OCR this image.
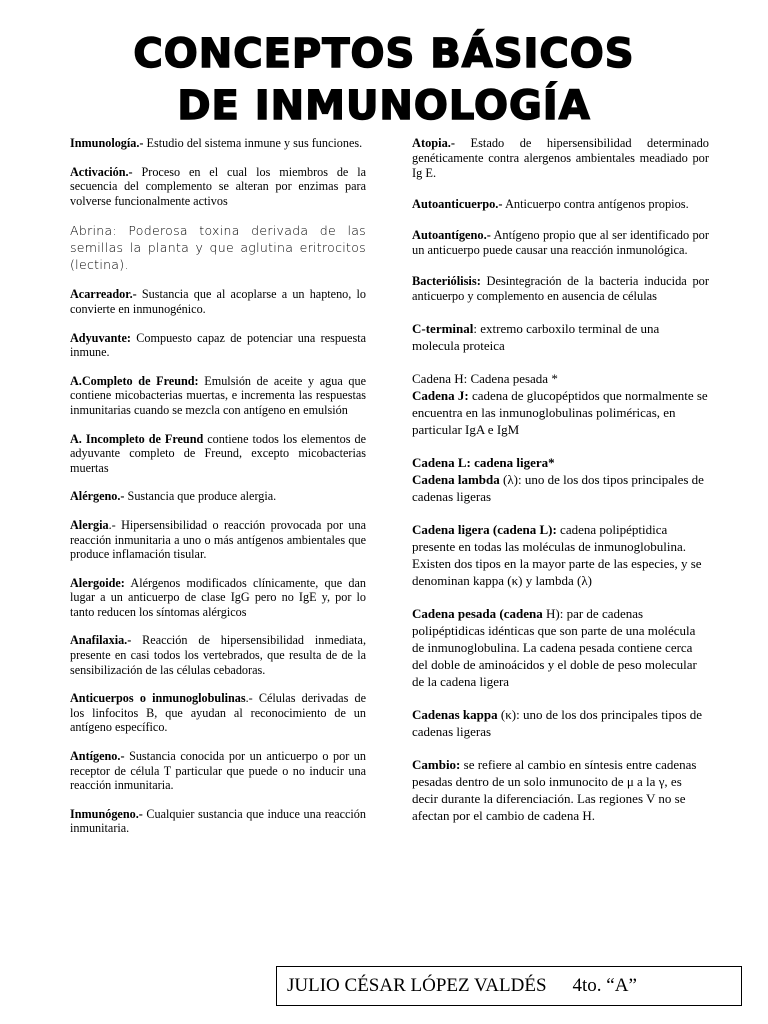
CONCEPTOS BÁSICOS
DE INMUNOLOGÍA

Inmunología.- Estudio del sistema inmune y sus funciones.

Activación.- Proceso en el cual los miembros de la secuencia del complemento se alteran por enzimas para volverse funcionalmente activos

Abrina: Poderosa toxina derivada de las semillas la planta y que aglutina eritrocitos (lectina).

Acarreador.- Sustancia que al acoplarse a un hapteno, lo convierte en inmunogénico.

Adyuvante: Compuesto capaz de potenciar una respuesta inmune.

A.Completo de Freund: Emulsión de aceite y agua que contiene micobacterias muertas, e incrementa las respuestas inmunitarias cuando se mezcla con antígeno en emulsión

A. Incompleto de Freund contiene todos los elementos de adyuvante completo de Freund, excepto micobacterias muertas

Alérgeno.- Sustancia que produce alergia.

Alergia.- Hipersensibilidad o reacción provocada por una reacción inmunitaria a uno o más antígenos ambientales que produce inflamación tisular.

Alergoide: Alérgenos modificados clínicamente, que dan lugar a un anticuerpo de clase IgG pero no IgE y, por lo tanto reducen los síntomas alérgicos

Anafilaxia.- Reacción de hipersensibilidad inmediata, presente en casi todos los vertebrados, que resulta de de la sensibilización de las células cebadoras.

Anticuerpos o inmunoglobulinas.- Células derivadas de los linfocitos B, que ayudan al reconocimiento de un antígeno específico.

Antígeno.- Sustancia conocida por un anticuerpo o por un receptor de célula T particular que puede o no inducir una reacción inmunitaria.

Inmunógeno.- Cualquier sustancia que induce una reacción inmunitaria.

Atopia.- Estado de hipersensibilidad determinado genéticamente contra alergenos ambientales meadiado por Ig E.

Autoanticuerpo.- Anticuerpo contra antígenos propios.

Autoantígeno.- Antígeno propio que al ser identificado por un anticuerpo puede causar una reacción inmunológica.

Bacteriólisis: Desintegración de la bacteria inducida por anticuerpo y complemento en ausencia de células

C-terminal: extremo carboxilo terminal de una molecula proteica

Cadena H: Cadena pesada *

Cadena J: cadena de glucopéptidos que normalmente se encuentra en las inmunoglobulinas poliméricas, en particular IgA e IgM

Cadena L: cadena ligera*

Cadena lambda (λ): uno de los dos tipos principales de cadenas ligeras

Cadena ligera (cadena L): cadena polipéptidica presente en todas las moléculas de inmunoglobulina. Existen dos tipos en la mayor parte de las especies, y se denominan kappa (κ) y lambda (λ)

Cadena pesada (cadena H): par de cadenas polipéptidicas idénticas que son parte de una molécula de inmunoglobulina. La cadena pesada contiene cerca del doble de aminoácidos y el doble de peso molecular de la cadena ligera

Cadenas kappa (κ): uno de los dos principales tipos de cadenas ligeras

Cambio: se refiere al cambio en síntesis entre cadenas pesadas dentro de un solo inmunocito de μ a la γ, es decir durante la diferenciación. Las regiones V no se afectan por el cambio de cadena H.

JULIO CÉSAR LÓPEZ VALDÉS 4to. “A”
